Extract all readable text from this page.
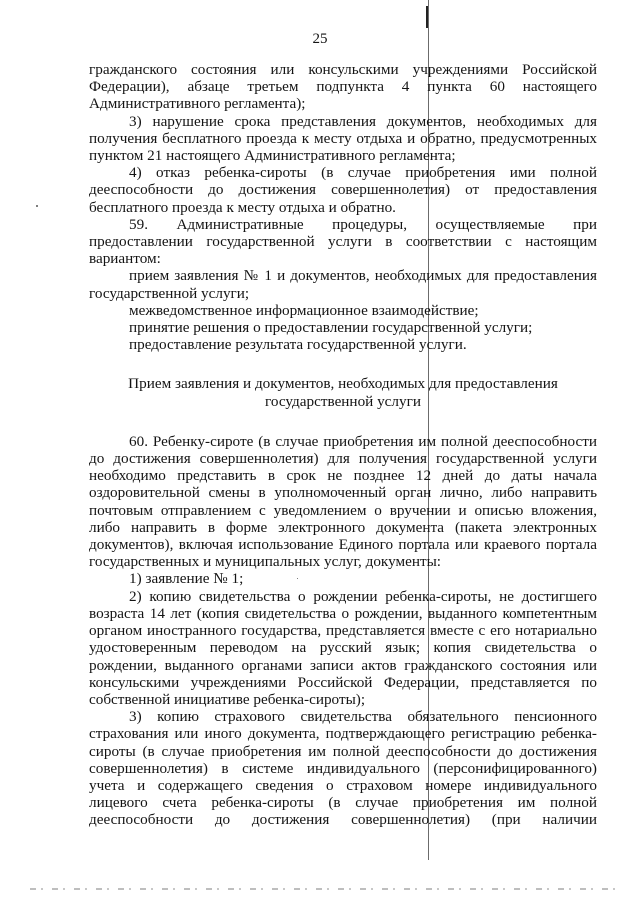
25

гражданского состояния или консульскими учреждениями Российской Федерации), абзаце третьем подпункта 4 пункта 60 настоящего Административного регламента);

3) нарушение срока представления документов, необходимых для получения бесплатного проезда к месту отдыха и обратно, предусмотренных пунктом 21 настоящего Административного регламента;

4) отказ ребенка-сироты (в случае приобретения ими полной дееспособности до достижения совершеннолетия) от предоставления бесплатного проезда к месту отдыха и обратно.

59. Административные процедуры, осуществляемые при предоставлении государственной услуги в соответствии с настоящим вариантом:

прием заявления № 1 и документов, необходимых для предоставления государственной услуги;

межведомственное информационное взаимодействие;

принятие решения о предоставлении государственной услуги;

предоставление результата государственной услуги.

Прием заявления и документов, необходимых для предоставления государственной услуги

60. Ребенку-сироте (в случае приобретения им полной дееспособности до достижения совершеннолетия) для получения государственной услуги необходимо представить в срок не позднее 12 дней до даты начала оздоровительной смены в уполномоченный орган лично, либо направить почтовым отправлением с уведомлением о вручении и описью вложения, либо направить в форме электронного документа (пакета электронных документов), включая использование Единого портала или краевого портала государственных и муниципальных услуг, документы:

1) заявление № 1;

2) копию свидетельства о рождении ребенка-сироты, не достигшего возраста 14 лет (копия свидетельства о рождении, выданного компетентным органом иностранного государства, представляется вместе с его нотариально удостоверенным переводом на русский язык; копия свидетельства о рождении, выданного органами записи актов гражданского состояния или консульскими учреждениями Российской Федерации, представляется по собственной инициативе ребенка-сироты);

3) копию страхового свидетельства обязательного пенсионного страхования или иного документа, подтверждающего регистрацию ребенка-сироты (в случае приобретения им полной дееспособности до достижения совершеннолетия) в системе индивидуального (персонифицированного) учета и содержащего сведения о страховом номере индивидуального лицевого счета ребенка-сироты (в случае приобретения им полной дееспособности до достижения совершеннолетия) (при наличии
